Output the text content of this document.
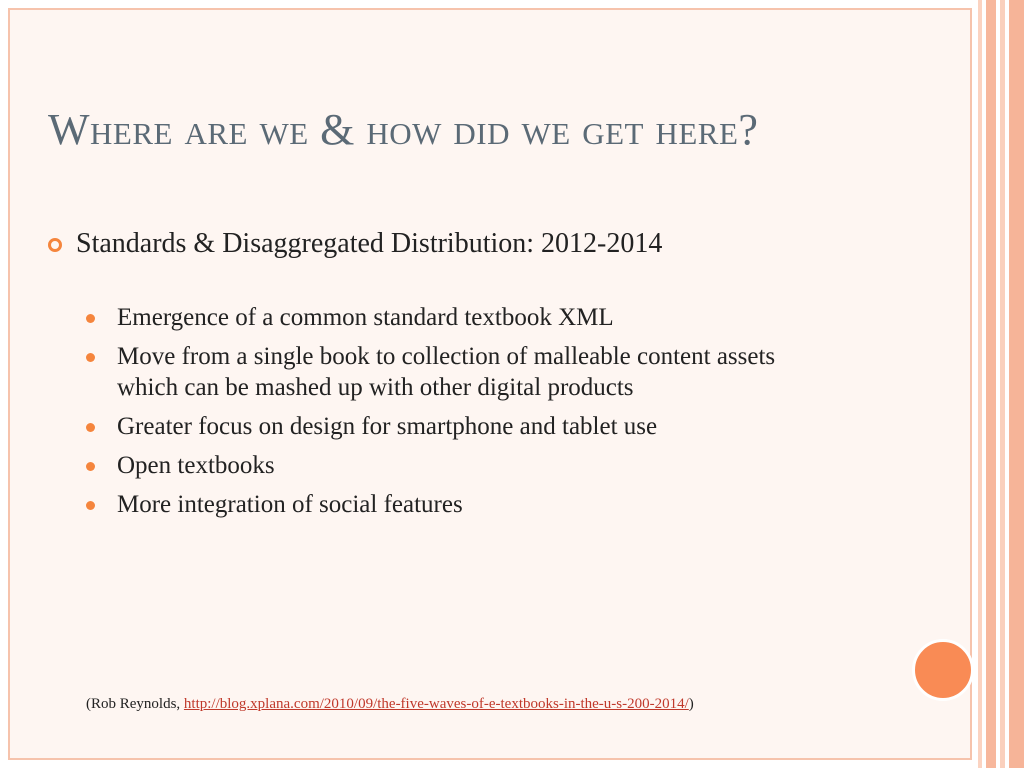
Where are we & how did we get here?
Standards & Disaggregated Distribution: 2012-2014
Emergence of a common standard textbook XML
Move from a single book to collection of malleable content assets which can be mashed up with other digital products
Greater focus on design for smartphone and tablet use
Open textbooks
More integration of social features
(Rob Reynolds, http://blog.xplana.com/2010/09/the-five-waves-of-e-textbooks-in-the-u-s-200-2014/)
